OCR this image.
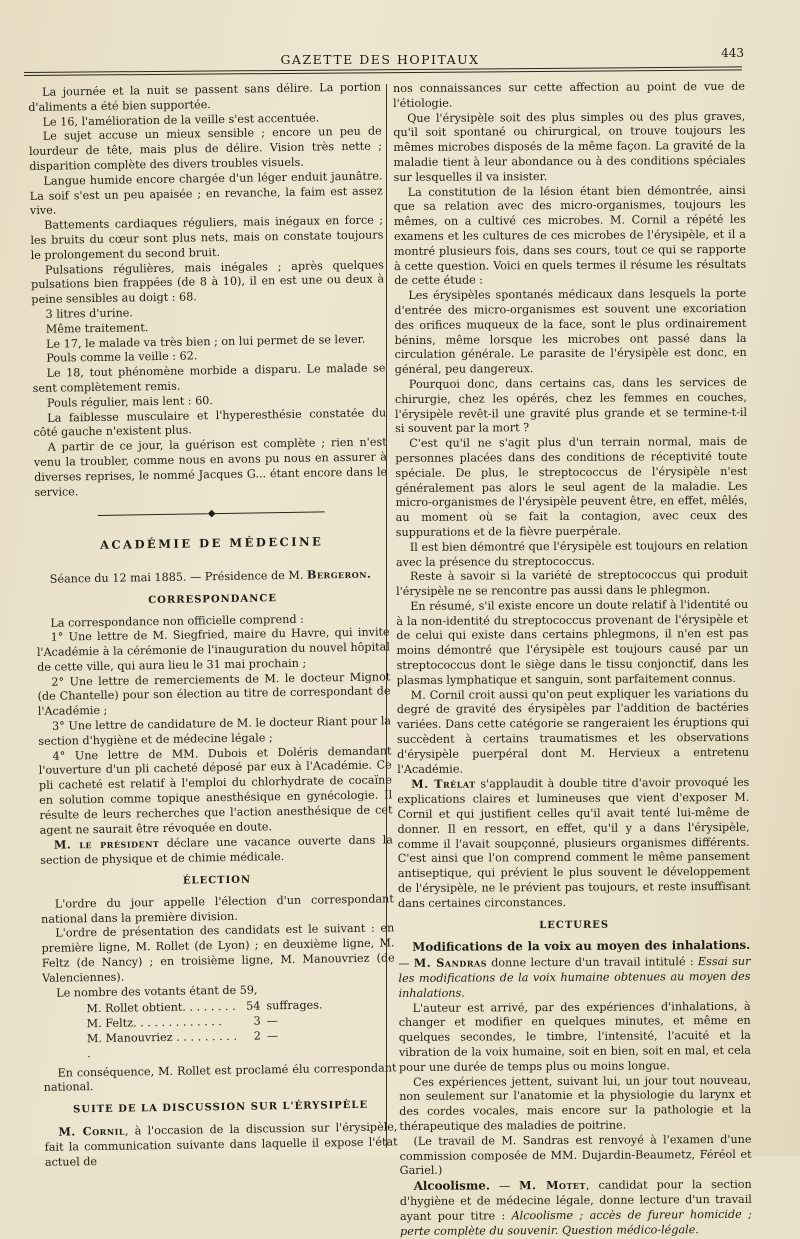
GAZETTE DES HOPITAUX	443

La journée et la nuit se passent sans délire. La portion d'aliments a été bien supportée.

Le 16, l'amélioration de la veille s'est accentuée.

Le sujet accuse un mieux sensible ; encore un peu de lourdeur de tête, mais plus de délire. Vision très nette ; disparition complète des divers troubles visuels.

Langue humide encore chargée d'un léger enduit jaunâtre. La soif s'est un peu apaisée ; en revanche, la faim est assez vive.

Battements cardiaques réguliers, mais inégaux en force ; les bruits du cœur sont plus nets, mais on constate toujours le prolongement du second bruit.

Pulsations régulières, mais inégales ; après quelques pulsations bien frappées (de 8 à 10), il en est une ou deux à peine sensibles au doigt : 68.

3 litres d'urine.

Même traitement.

Le 17, le malade va très bien ; on lui permet de se lever.

Pouls comme la veille : 62.

Le 18, tout phénomène morbide a disparu. Le malade se sent complètement remis.

Pouls régulier, mais lent : 60.

La faiblesse musculaire et l'hyperesthésie constatée du côté gauche n'existent plus.

A partir de ce jour, la guérison est complète ; rien n'est venu la troubler, comme nous en avons pu nous en assurer à diverses reprises, le nommé Jacques G... étant encore dans le service.

◆
ACADÉMIE DE MÉDECINE

Séance du 12 mai 1885. — Présidence de M. Bergeron.

CORRESPONDANCE

La correspondance non officielle comprend :

1° Une lettre de M. Siegfried, maire du Havre, qui invite l'Académie à la cérémonie de l'inauguration du nouvel hôpital de cette ville, qui aura lieu le 31 mai prochain ;

2° Une lettre de remerciements de M. le docteur Mignot (de Chantelle) pour son élection au titre de correspondant de l'Académie ;

3° Une lettre de candidature de M. le docteur Riant pour la section d'hygiène et de médecine légale ;

4° Une lettre de MM. Dubois et Doléris demandant l'ouverture d'un pli cacheté déposé par eux à l'Académie. Ce pli cacheté est relatif à l'emploi du chlorhydrate de cocaïne en solution comme topique anesthésique en gynécologie. Il résulte de leurs recherches que l'action anesthésique de cet agent ne saurait être révoquée en doute.

M. le président déclare une vacance ouverte dans la section de physique et de chimie médicale.

ÉLECTION

L'ordre du jour appelle l'élection d'un correspondant national dans la première division.

L'ordre de présentation des candidats est le suivant : en première ligne, M. Rollet (de Lyon) ; en deuxième ligne, M. Feltz (de Nancy) ; en troisième ligne, M. Manouvriez (de Valenciennes).

Le nombre des votants étant de 59,

M. Rollet obtient. . . . . . . . 54 suffrages.
M. Feltz. . . . . . . . . . . . .	3 —
M. Manouvriez . . . . . . . . . .
2 —

En conséquence, M. Rollet est proclamé élu correspondant national.

SUITE DE LA DISCUSSION SUR L'ÉRYSIPÈLE

M. Cornil, à l'occasion de la discussion sur l'érysipèle, fait la communication suivante dans laquelle il expose l'état actuel de

nos connaissances sur cette affection au point de vue de l'étiologie.

Que l'érysipèle soit des plus simples ou des plus graves, qu'il soit spontané ou chirurgical, on trouve toujours les mêmes microbes disposés de la même façon. La gravité de la maladie tient à leur abondance ou à des conditions spéciales sur lesquelles il va insister.

La constitution de la lésion étant bien démontrée, ainsi que sa relation avec des micro-organismes, toujours les mêmes, on a cultivé ces microbes. M. Cornil a répété les examens et les cultures de ces microbes de l'érysipèle, et il a montré plusieurs fois, dans ses cours, tout ce qui se rapporte à cette question. Voici en quels termes il résume les résultats de cette étude :

Les érysipèles spontanés médicaux dans lesquels la porte d'entrée des micro-organismes est souvent une excoriation des orifices muqueux de la face, sont le plus ordinairement bénins, même lorsque les microbes ont passé dans la circulation générale. Le parasite de l'érysipèle est donc, en général, peu dangereux.

Pourquoi donc, dans certains cas, dans les services de chirurgie, chez les opérés, chez les femmes en couches, l'érysipèle revêt-il une gravité plus grande et se termine-t-il si souvent par la mort ?

C'est qu'il ne s'agit plus d'un terrain normal, mais de personnes placées dans des conditions de réceptivité toute spéciale. De plus, le streptococcus de l'érysipèle n'est généralement pas alors le seul agent de la maladie. Les micro-organismes de l'érysipèle peuvent être, en effet, mêlés, au moment où se fait la contagion, avec ceux des suppurations et de la fièvre puerpérale.

Il est bien démontré que l'érysipèle est toujours en relation avec la présence du streptococcus.

Reste à savoir si la variété de streptococcus qui produit l'érysipèle ne se rencontre pas aussi dans le phlegmon.

En résumé, s'il existe encore un doute relatif à l'identité ou à la non-identité du streptococcus provenant de l'érysipèle et de celui qui existe dans certains phlegmons, il n'en est pas moins démontré que l'érysipèle est toujours causé par un streptococcus dont le siège dans le tissu conjonctif, dans les plasmas lymphatique et sanguin, sont parfaitement connus.

M. Cornil croit aussi qu'on peut expliquer les variations du degré de gravité des érysipèles par l'addition de bactéries variées. Dans cette catégorie se rangeraient les éruptions qui succèdent à certains traumatismes et les observations d'érysipèle puerpéral dont M. Hervieux a entretenu l'Académie.

M. Trélat s'applaudit à double titre d'avoir provoqué les explications claires et lumineuses que vient d'exposer M. Cornil et qui justifient celles qu'il avait tenté lui-même de donner. Il en ressort, en effet, qu'il y a dans l'érysipèle, comme il l'avait soupçonné, plusieurs organismes différents. C'est ainsi que l'on comprend comment le même pansement antiseptique, qui prévient le plus souvent le développement de l'érysipèle, ne le prévient pas toujours, et reste insuffisant dans certaines circonstances.

LECTURES

Modifications de la voix au moyen des inhalations. — M. Sandras donne lecture d'un travail intitulé : Essai sur les modifications de la voix humaine obtenues au moyen des inhalations.

L'auteur est arrivé, par des expériences d'inhalations, à changer et modifier en quelques minutes, et même en quelques secondes, le timbre, l'intensité, l'acuité et la vibration de la voix humaine, soit en bien, soit en mal, et cela pour une durée de temps plus ou moins longue.

Ces expériences jettent, suivant lui, un jour tout nouveau, non seulement sur l'anatomie et la physiologie du larynx et des cordes vocales, mais encore sur la pathologie et la thérapeutique des maladies de poitrine.

(Le travail de M. Sandras est renvoyé à l'examen d'une commission composée de MM. Dujardin-Beaumetz, Féréol et Gariel.)

Alcoolisme. — M. Motet, candidat pour la section d'hygiène et de médecine légale, donne lecture d'un travail ayant pour titre : Alcoolisme ; accès de fureur homicide ; perte complète du souvenir. Question médico-légale.
